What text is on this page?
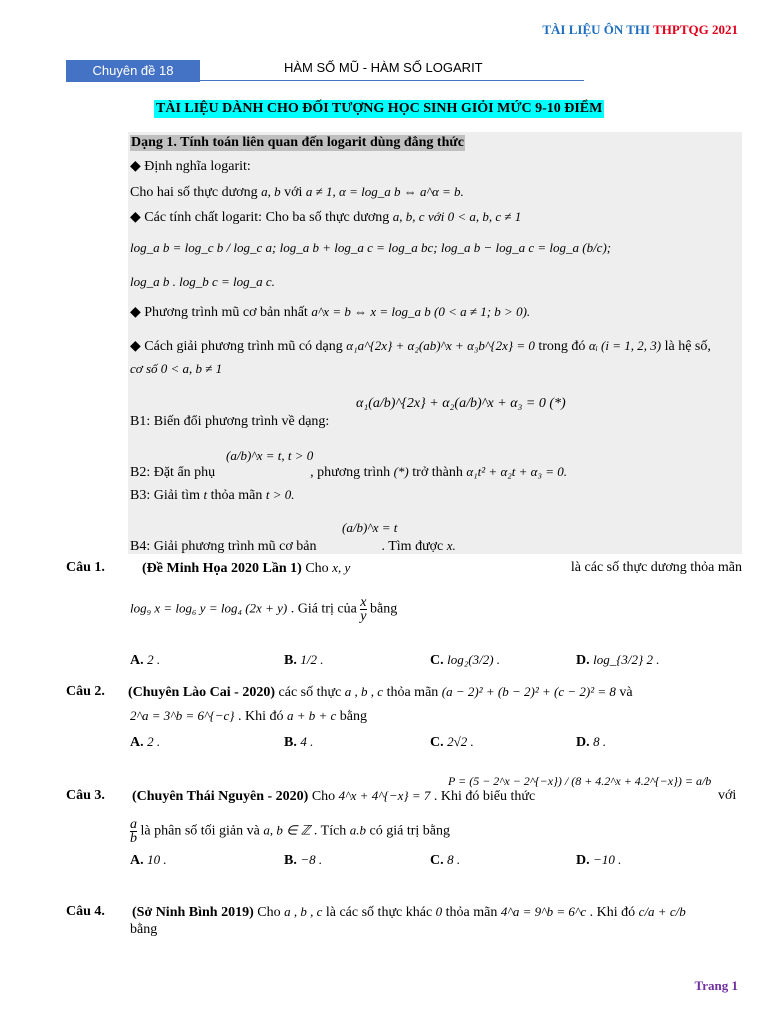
TÀI LIỆU ÔN THI THPTQG 2021
Chuyên đề 18	HÀM SỐ MŨ - HÀM SỐ LOGARIT
TÀI LIỆU DÀNH CHO ĐỐI TƯỢNG HỌC SINH GIỎI MỨC 9-10 ĐIỂM
Dạng 1. Tính toán liên quan đến logarit dùng đẳng thức
◆ Định nghĩa logarit:
Cho hai số thực dương a, b với a ≠ 1, α = log_a b ⇔ a^α = b.
◆ Các tính chất logarit: Cho ba số thực dương a, b, c với 0 < a, b, c ≠ 1
log_a b = log_c b / log_c a; log_a b + log_a c = log_a bc; log_a b − log_a c = log_a (b/c);
log_a b . log_b c = log_a c.
◆ Phương trình mũ cơ bản nhất a^x = b ⇔ x = log_a b (0 < a ≠ 1; b > 0).
◆ Cách giải phương trình mũ có dạng α₁a^{2x} + α₂(ab)^x + α₃b^{2x} = 0 trong đó αᵢ (i = 1, 2, 3) là hệ số,
cơ số 0 < a, b ≠ 1
α₁(a/b)^{2x} + α₂(a/b)^x + α₃ = 0 (*)
B1: Biến đổi phương trình về dạng:
(a/b)^x = t, t > 0
B2: Đặt ẩn phụ	, phương trình (*) trở thành α₁t² + α₂t + α₃ = 0.
B3: Giải tìm t thỏa mãn t > 0.
(a/b)^x = t
B4: Giải phương trình mũ cơ bản	. Tìm được x.
Câu 1.	(Đề Minh Họa 2020 Lần 1) Cho x, y	là các số thực dương thỏa mãn
log₉ x = log₆ y = log₄ (2x + y) . Giá trị của $\frac{x}{y}$ bằng
A. 2 .	B. 1/2 .	C. log₂(3/2) .	D. log_{3/2} 2 .
Câu 2. (Chuyên Lào Cai - 2020) các số thực a , b , c thỏa mãn (a − 2)² + (b − 2)² + (c − 2)² = 8 và
2^a = 3^b = 6^{−c} . Khi đó a + b + c bằng
A. 2 .	B. 4 .	C. 2√2 .	D. 8 .
Câu 3. (Chuyên Thái Nguyên - 2020) Cho 4^x + 4^{−x} = 7 . Khi đó biểu thức
P = (5 − 2^x − 2^{−x}) / (8 + 4.2^x + 4.2^{−x}) = a/b
với
$\frac{a}{b}$ là phân số tối giản và a, b ∈ ℤ . Tích a.b có giá trị bằng
A. 10 .	B. −8 .	C. 8 .	D. −10 .
Câu 4. (Sở Ninh Bình 2019) Cho a , b , c là các số thực khác 0 thỏa mãn 4^a = 9^b = 6^c . Khi đó c/a + c/b
bằng
Trang 1
